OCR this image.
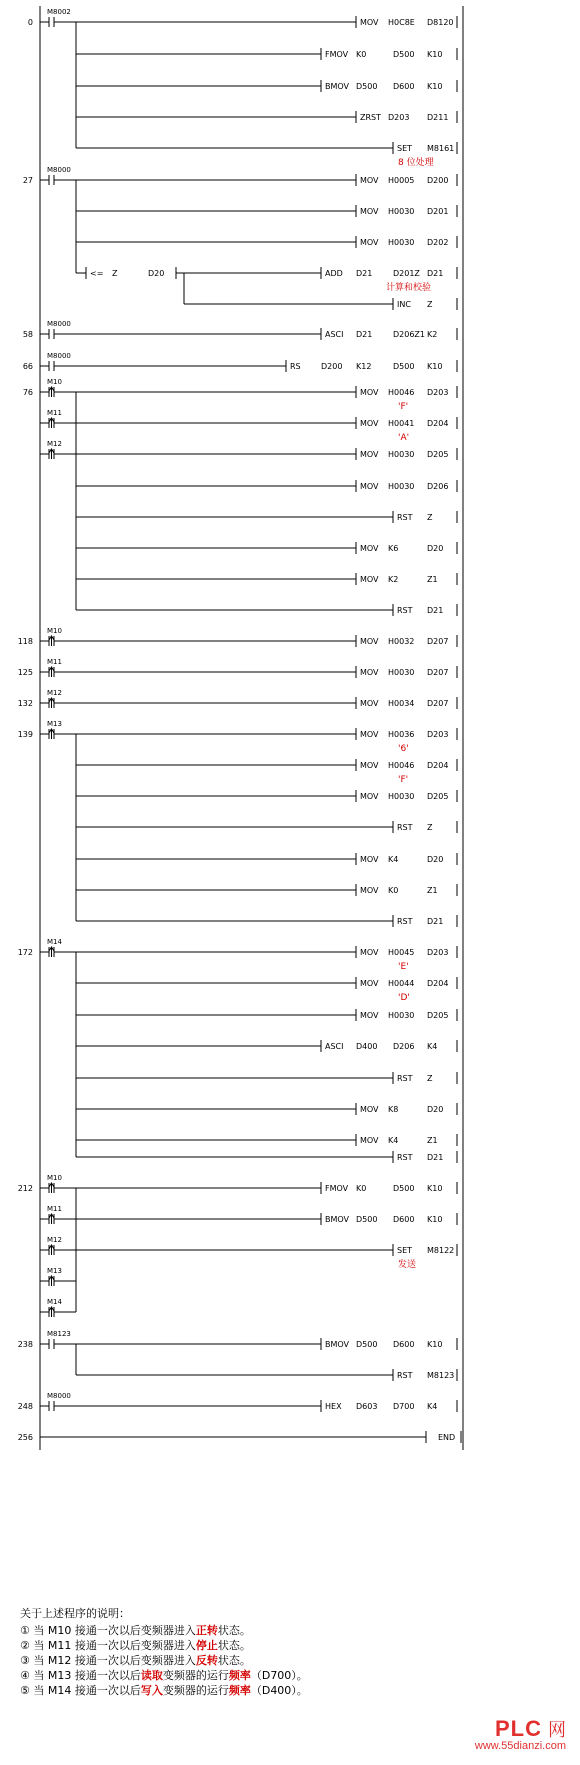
0
M8002
MOV H0C8E D8120
FMOV K0	D500 K10
BMOV D500 D600 K10
ZRST D203 D211
SET M8161
8 位处理
27
M8000
MOV H0005 D200
MOV H0030 D201
MOV H0030 D202
<= Z	D20	ADD D21	D201Z D21
计算和校验
INC Z
58
M8000
ASCI D21	D206Z1 K2
66
M8000
RS	D200 K12	D500 K10
76
M10
M11
M12
MOV H0046 D203
'F'
MOV H0041 D204
'A'
MOV H0030 D205
MOV H0030 D206
RST Z
MOV K6	D20
MOV K2	Z1
RST D21
118
M10
MOV H0032 D207
125
M11
MOV H0030 D207
132
M12
MOV H0034 D207
139
M13
MOV H0036 D203
'6'
MOV H0046 D204
'F'
MOV H0030 D205
RST Z
MOV K4	D20
MOV K0	Z1
RST D21
172
M14
MOV H0045 D203
'E'
MOV H0044 D204
'D'
MOV H0030 D205
ASCI D400 D206 K4
RST Z
MOV K8	D20
MOV K4	Z1
RST D21
212
M10
M11
M12
M13
M14
FMOV K0	D500 K10
BMOV D500 D600 K10
SET M8122
发送
238
M8123
BMOV D500 D600 K10
RST M8123
248
M8000
HEX D603 D700 K4
256	END
关于上述程序的说明：
① 当 M10 接通一次以后变频器进入正转状态。
② 当 M11 接通一次以后变频器进入停止状态。
③ 当 M12 接通一次以后变频器进入反转状态。
④ 当 M13 接通一次以后读取变频器的运行频率（D700）。
⑤ 当 M14 接通一次以后写入变频器的运行频率（D400）。
PLC 网
www.55dianzi.com
